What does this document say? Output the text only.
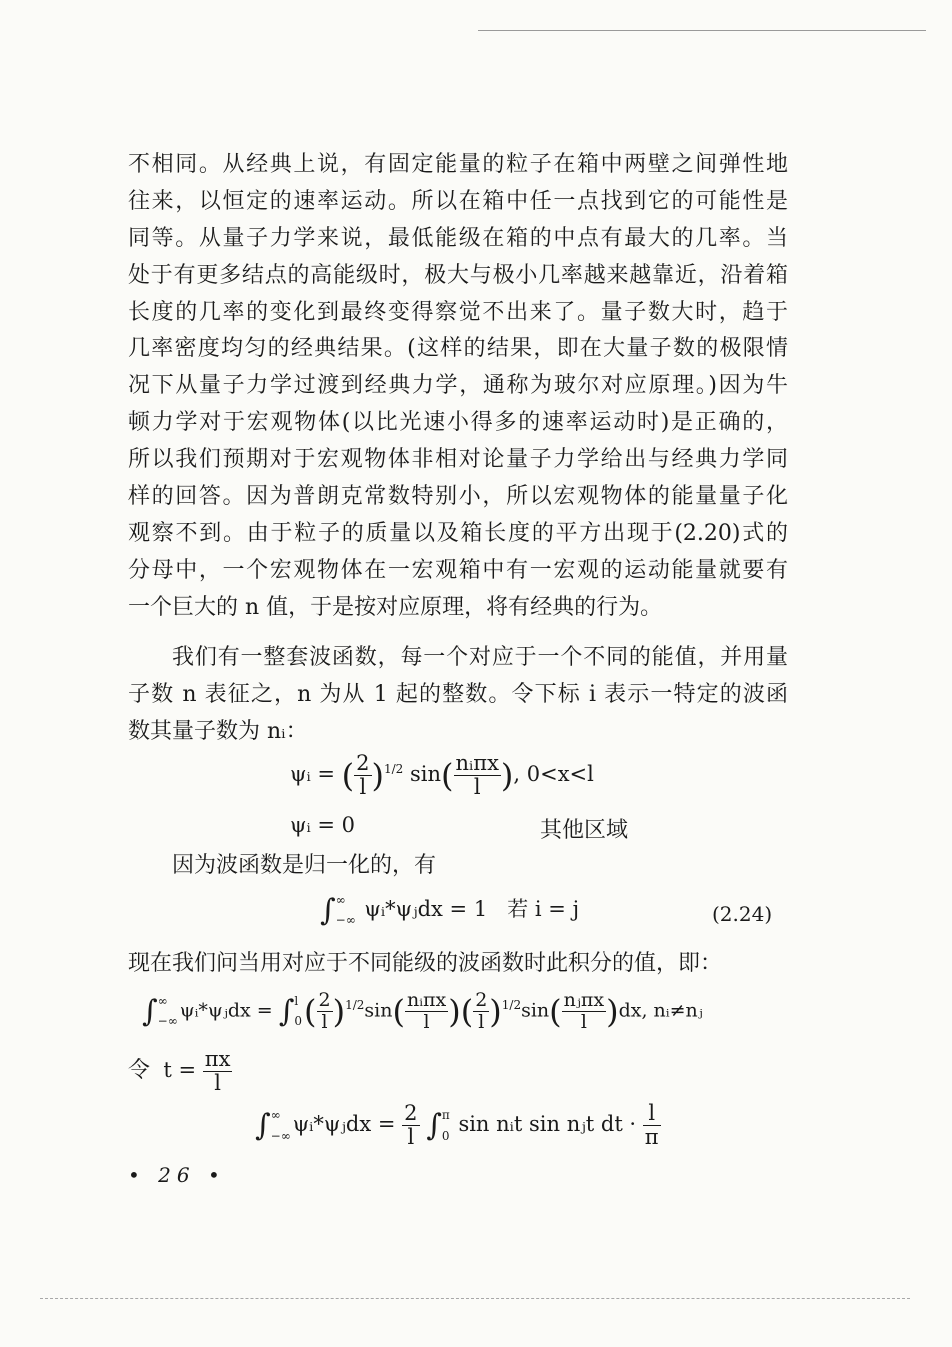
不相同。从经典上说，有固定能量的粒子在箱中两壁之间弹性地
往来，以恒定的速率运动。所以在箱中任一点找到它的可能性是
同等。从量子力学来说，最低能级在箱的中点有最大的几率。当
处于有更多结点的高能级时，极大与极小几率越来越靠近，沿着箱
长度的几率的变化到最终变得察觉不出来了。量子数大时，趋于
几率密度均匀的经典结果。(这样的结果，即在大量子数的极限情
况下从量子力学过渡到经典力学，通称为玻尔对应原理。)因为牛
顿力学对于宏观物体(以比光速小得多的速率运动时)是正确的，
所以我们预期对于宏观物体非相对论量子力学给出与经典力学同
样的回答。因为普朗克常数特别小，所以宏观物体的能量量子化
观察不到。由于粒子的质量以及箱长度的平方出现于(2.20)式的
分母中，一个宏观物体在一宏观箱中有一宏观的运动能量就要有
一个巨大的 n 值，于是按对应原理，将有经典的行为。
我们有一整套波函数，每一个对应于一个不同的能值，并用量
子数 n 表征之，n 为从 1 起的整数。令下标 i 表示一特定的波函
数其量子数为 nᵢ：
ψᵢ = ( $\frac{2}{l} )^{1/2}$ $\sin( \frac{\text{nᵢπx}}{l}$ ), 0<x<l
ψᵢ = 0	其他区域
因为波函数是归一化的，有
∫ ∞
−∞ ψᵢ*ψⱼdx = 1 若 i = j	(2.24)
现在我们问当用对应于不同能级的波函数时此积分的值，即：
∫ ∞
−∞ ψᵢ*ψⱼdx = ∫ l
0 ( $\frac{2}{l} )^{1/2}\sin( \frac{\text{nᵢπx}}{l}$ )( $\frac{2}{l} )^{1/2}\sin( \frac{\text{nⱼπx}}{l} )dx$, nᵢ≠nⱼ
令 $t = \frac{\pi x}{l}$
∫ ∞
−∞ ψᵢ*ψⱼdx = $\frac{2}{l}$ ∫ π
0 sin nᵢt sin nⱼt dt · $\frac{l}{\pi}$
• 26 •
